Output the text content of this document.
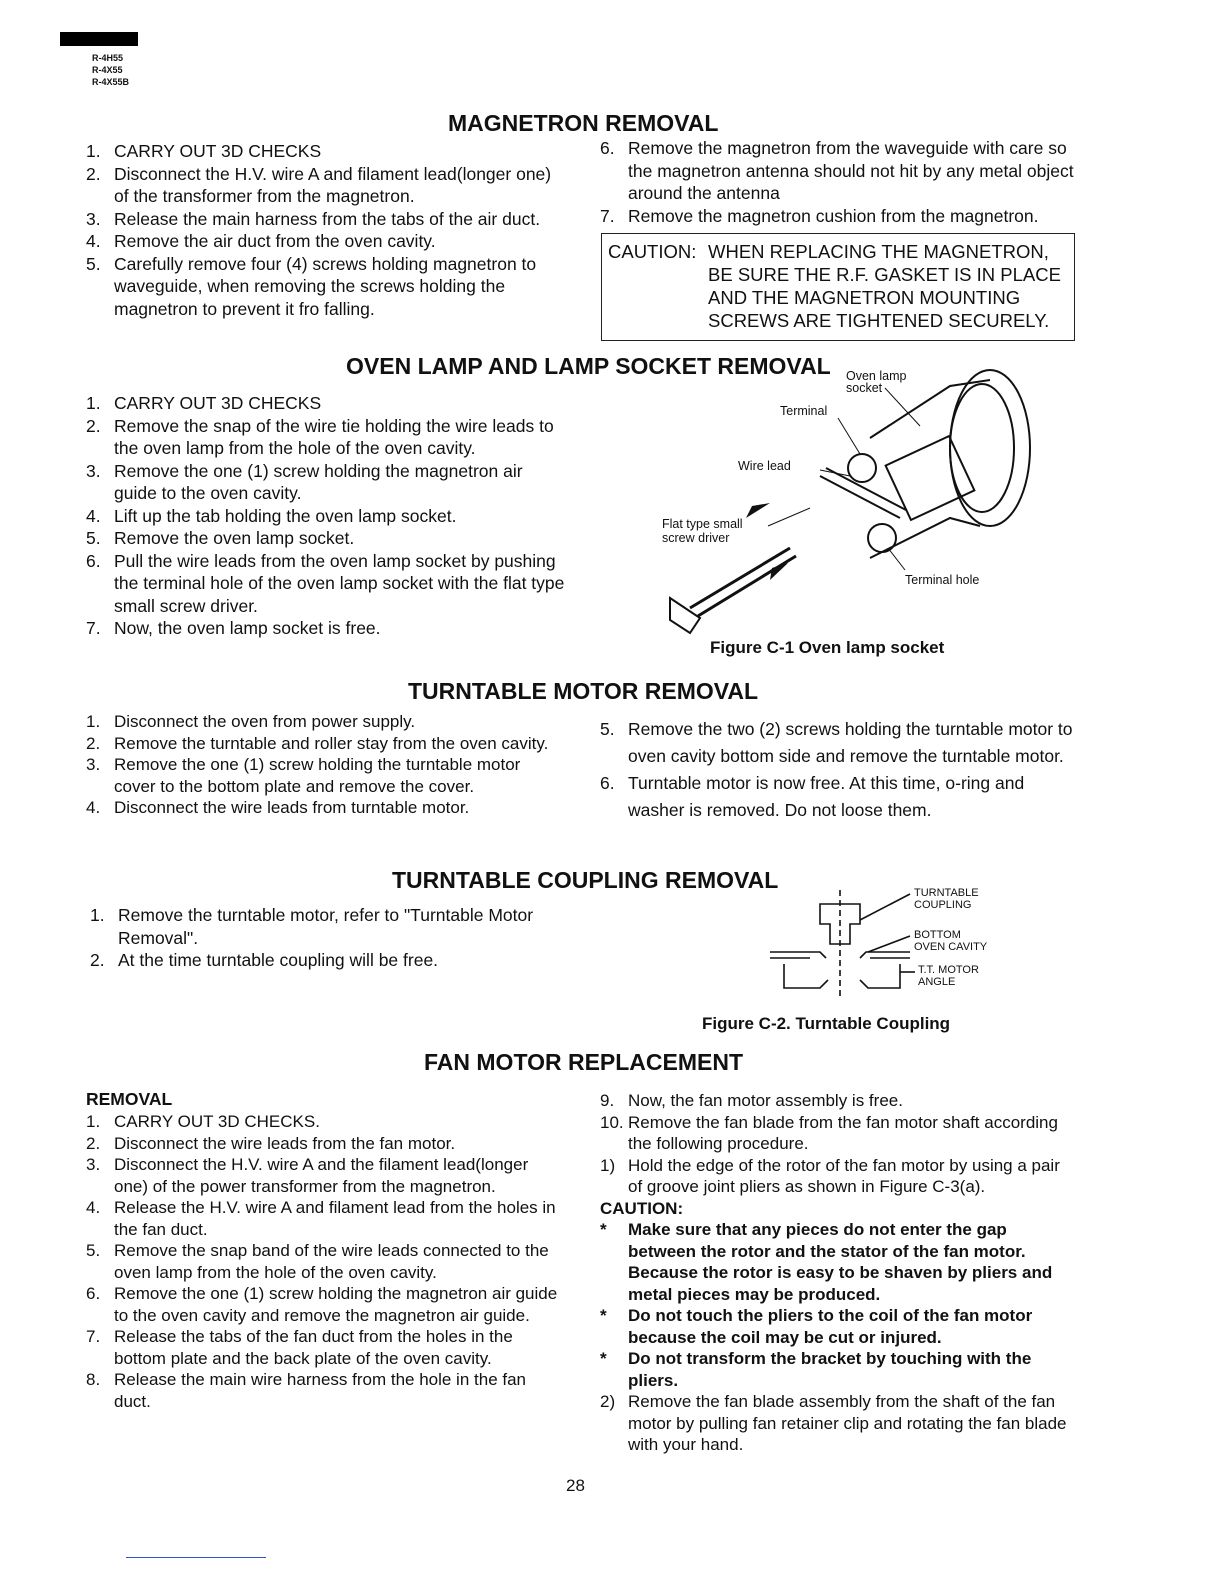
R-4H55
R-4X55
R-4X55B
MAGNETRON REMOVAL
1. CARRY OUT 3D CHECKS
2. Disconnect the H.V. wire A and filament lead(longer one) of the transformer from the magnetron.
3. Release the main harness from the tabs of the air duct.
4. Remove the air duct from the oven cavity.
5. Carefully remove four (4) screws holding magnetron to waveguide, when removing the screws holding the magnetron to prevent it fro falling.
6. Remove the magnetron from the waveguide with care so the magnetron antenna should not hit by any metal object around the antenna
7. Remove the magnetron cushion from the magnetron.
CAUTION: WHEN REPLACING THE MAGNETRON,
BE SURE THE R.F. GASKET IS IN PLACE
AND THE MAGNETRON MOUNTING
SCREWS ARE TIGHTENED SECURELY.
OVEN LAMP AND LAMP SOCKET REMOVAL
1. CARRY OUT 3D CHECKS
2. Remove the snap of the wire tie holding the wire leads to the oven lamp from the hole of the oven cavity.
3. Remove the one (1) screw holding the magnetron air guide to the oven cavity.
4. Lift up the tab holding the oven lamp socket.
5. Remove the oven lamp socket.
6. Pull the wire leads from the oven lamp socket by pushing the terminal hole of the oven lamp socket with the flat type small screw driver.
7. Now, the oven lamp socket is free.
Oven lamp
socket
Terminal
Wire lead
Flat type small
screw driver
Terminal hole
Figure C-1 Oven lamp socket
TURNTABLE MOTOR REMOVAL
1. Disconnect the oven from power supply.
2. Remove the turntable and roller stay from the oven cavity.
3. Remove the one (1) screw holding the turntable motor cover to the bottom plate and remove the cover.
4. Disconnect the wire leads from turntable motor.
5. Remove the two (2) screws holding the turntable motor to oven cavity bottom side and remove the turntable motor.
6. Turntable motor is now free. At this time, o-ring and washer is removed. Do not loose them.
TURNTABLE COUPLING REMOVAL
1. Remove the turntable motor, refer to "Turntable Motor Removal".
2. At the time turntable coupling will be free.
TURNTABLE
COUPLING
BOTTOM
OVEN CAVITY
T.T. MOTOR
ANGLE
Figure C-2. Turntable Coupling
FAN MOTOR REPLACEMENT
REMOVAL
1. CARRY OUT 3D CHECKS.
2. Disconnect the wire leads from the fan motor.
3. Disconnect the H.V. wire A and the filament lead(longer one) of the power transformer from the magnetron.
4. Release the H.V. wire A and filament lead from the holes in the fan duct.
5. Remove the snap band of the wire leads connected to the oven lamp from the hole of the oven cavity.
6. Remove the one (1) screw holding the magnetron air guide to the oven cavity and remove the magnetron air guide.
7. Release the tabs of the fan duct from the holes in the bottom plate and the back plate of the oven cavity.
8. Release the main wire harness from the hole in the fan duct.
9. Now, the fan motor assembly is free.
10. Remove the fan blade from the fan motor shaft according the following procedure.
1) Hold the edge of the rotor of the fan motor by using a pair of groove joint pliers as shown in Figure C-3(a).
CAUTION:
* Make sure that any pieces do not enter the gap between the rotor and the stator of the fan motor. Because the rotor is easy to be shaven by pliers and metal pieces may be produced.
* Do not touch the pliers to the coil of the fan motor because the coil may be cut or injured.
* Do not transform the bracket by touching with the pliers.
2) Remove the fan blade assembly from the shaft of the fan motor by pulling fan retainer clip and rotating the fan blade with your hand.
28
